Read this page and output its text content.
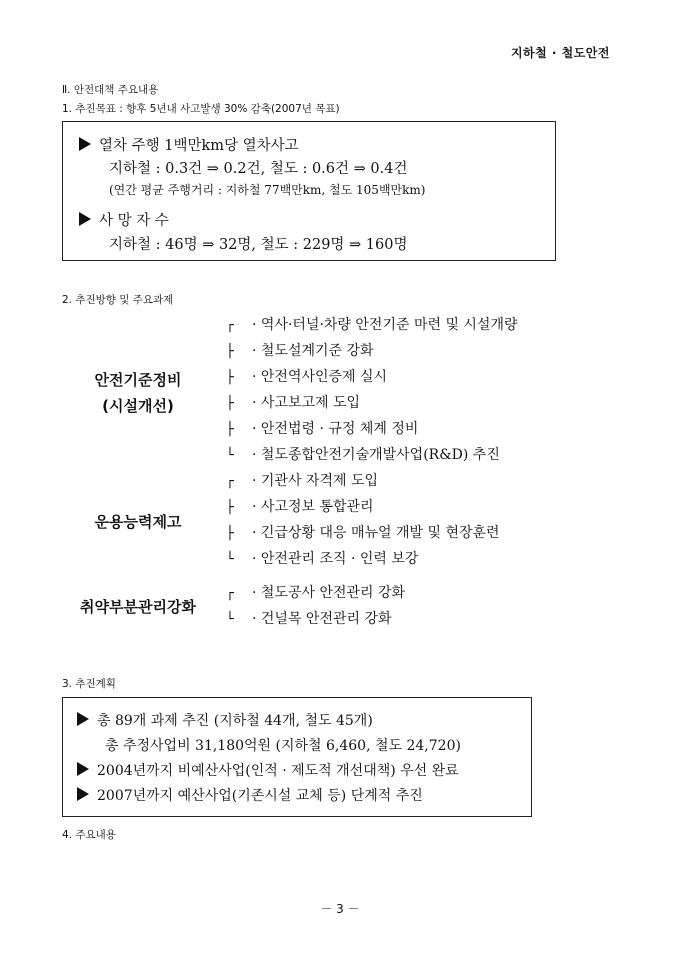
지하철 · 철도안전
Ⅱ. 안전대책 주요내용
1. 추진목표 : 향후 5년내 사고발생 30% 감축(2007년 목표)
열차 주행 1백만km당 열차사고
지하철 : 0.3건 ⇒ 0.2건, 철도 : 0.6건 ⇒ 0.4건
(연간 평균 주행거리 : 지하철 77백만km, 철도 105백만km)
사 망 자 수
지하철 : 46명 ⇒ 32명, 철도 : 229명 ⇒ 160명
2. 추진방향 및 주요과제
안전기준정비
(시설개선)
┌ · 역사·터널·차량 안전기준 마련 및 시설개량
├ · 철도설계기준 강화
├ · 안전역사인증제 실시
├ · 사고보고제 도입
├ · 안전법령 · 규정 체계 정비
└ · 철도종합안전기술개발사업(R&D) 추진
운용능력제고
┌ · 기관사 자격제 도입
├ · 사고정보 통합관리
├ · 긴급상황 대응 매뉴얼 개발 및 현장훈련
└ · 안전관리 조직 · 인력 보강
취약부분관리강화
┌ · 철도공사 안전관리 강화
└ · 건널목 안전관리 강화
3. 추진계획
총 89개 과제 추진 (지하철 44개, 철도 45개)
총 추정사업비 31,180억원 (지하철 6,460, 철도 24,720)
2004년까지 비예산사업(인적 · 제도적 개선대책) 우선 완료
2007년까지 예산사업(기존시설 교체 등) 단계적 추진
4. 주요내용
－ 3 －
